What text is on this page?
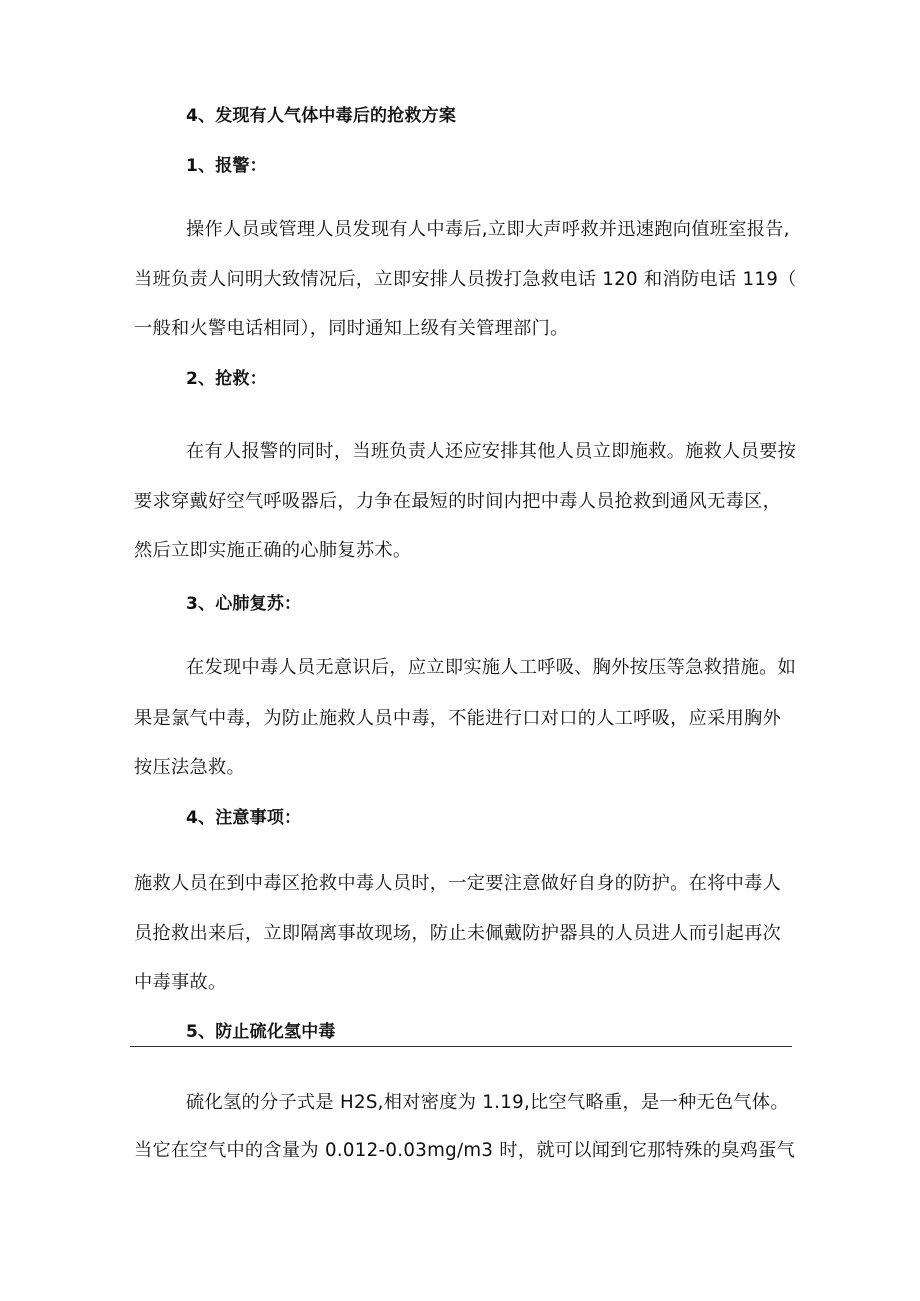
4、发现有人气体中毒后的抢救方案
1、报警：
操作人员或管理人员发现有人中毒后,立即大声呼救并迅速跑向值班室报告,
当班负责人问明大致情况后，立即安排人员拨打急救电话 120 和消防电话 119（
一般和火警电话相同），同时通知上级有关管理部门。
2、抢救：
在有人报警的同时，当班负责人还应安排其他人员立即施救。施救人员要按
要求穿戴好空气呼吸器后，力争在最短的时间内把中毒人员抢救到通风无毒区，
然后立即实施正确的心肺复苏术。
3、心肺复苏：
在发现中毒人员无意识后，应立即实施人工呼吸、胸外按压等急救措施。如
果是氯气中毒，为防止施救人员中毒，不能进行口对口的人工呼吸，应采用胸外
按压法急救。
4、注意事项：
施救人员在到中毒区抢救中毒人员时，一定要注意做好自身的防护。在将中毒人
员抢救出来后，立即隔离事故现场，防止未佩戴防护器具的人员进人而引起再次
中毒事故。
5、防止硫化氢中毒
硫化氢的分子式是 H2S,相对密度为 1.19,比空气略重，是一种无色气体。
当它在空气中的含量为 0.012-0.03mg∕m3 时，就可以闻到它那特殊的臭鸡蛋气
